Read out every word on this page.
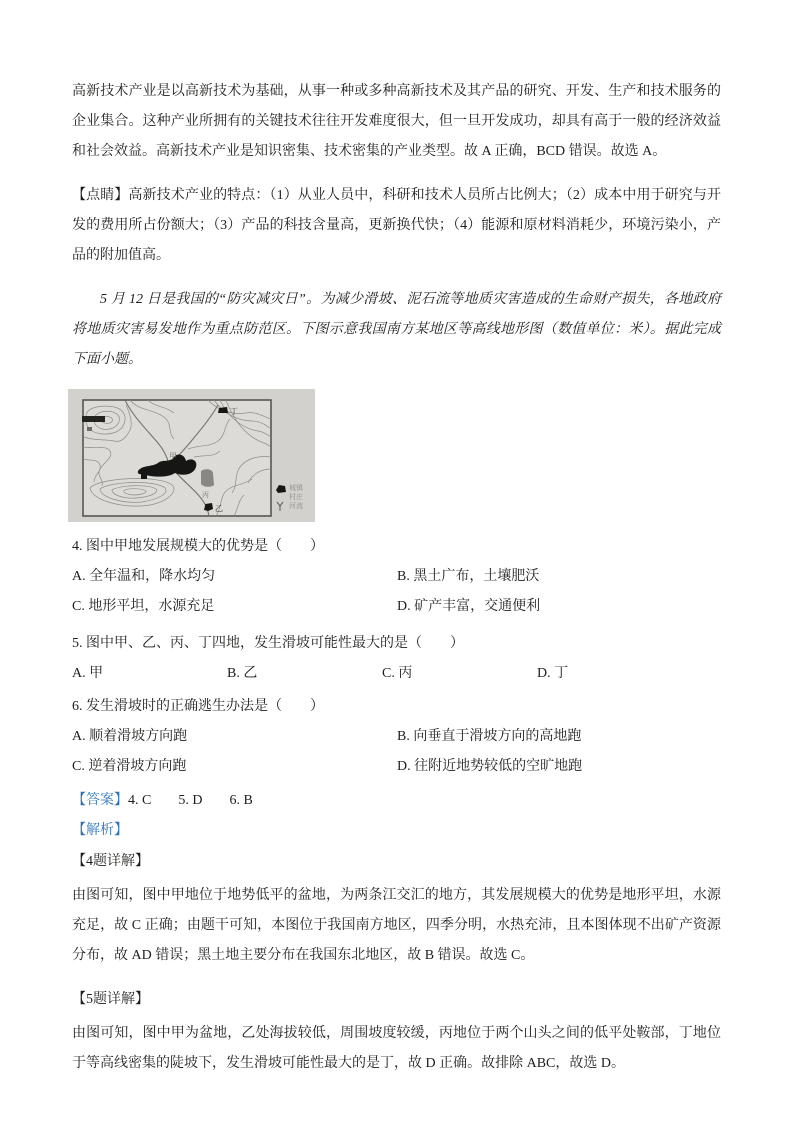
高新技术产业是以高新技术为基础，从事一种或多种高新技术及其产品的研究、开发、生产和技术服务的企业集合。这种产业所拥有的关键技术往往开发难度很大，但一旦开发成功，却具有高于一般的经济效益和社会效益。高新技术产业是知识密集、技术密集的产业类型。故 A 正确，BCD 错误。故选 A。

【点睛】高新技术产业的特点：（1）从业人员中，科研和技术人员所占比例大；（2）成本中用于研究与开发的费用所占份额大；（3）产品的科技含量高，更新换代快；（4）能源和原材料消耗少，环境污染小，产品的附加值高。

5 月 12 日是我国的“防灾减灾日”。为减少滑坡、泥石流等地质灾害造成的生命财产损失，各地政府将地质灾害易发地作为重点防范区。下图示意我国南方某地区等高线地形图（数值单位：米）。据此完成下面小题。

甲
乙
丙
丁
城镇
村庄
河流
4. 图中甲地发展规模大的优势是（　　）
A. 全年温和，降水均匀	B. 黑土广布，土壤肥沃
C. 地形平坦，水源充足	D. 矿产丰富，交通便利
5. 图中甲、乙、丙、丁四地，发生滑坡可能性最大的是（　　）
A. 甲	B. 乙	C. 丙	D. 丁
6. 发生滑坡时的正确逃生办法是（　　）
A. 顺着滑坡方向跑	B. 向垂直于滑坡方向的高地跑
C. 逆着滑坡方向跑	D. 往附近地势较低的空旷地跑
【答案】4. C 5. D 6. B
【解析】
【4题详解】

由图可知，图中甲地位于地势低平的盆地，为两条江交汇的地方，其发展规模大的优势是地形平坦，水源充足，故 C 正确；由题干可知，本图位于我国南方地区，四季分明，水热充沛，且本图体现不出矿产资源分布，故 AD 错误；黑土地主要分布在我国东北地区，故 B 错误。故选 C。

【5题详解】

由图可知，图中甲为盆地，乙处海拔较低，周围坡度较缓，丙地位于两个山头之间的低平处鞍部，丁地位于等高线密集的陡坡下，发生滑坡可能性最大的是丁，故 D 正确。故排除 ABC，故选 D。
